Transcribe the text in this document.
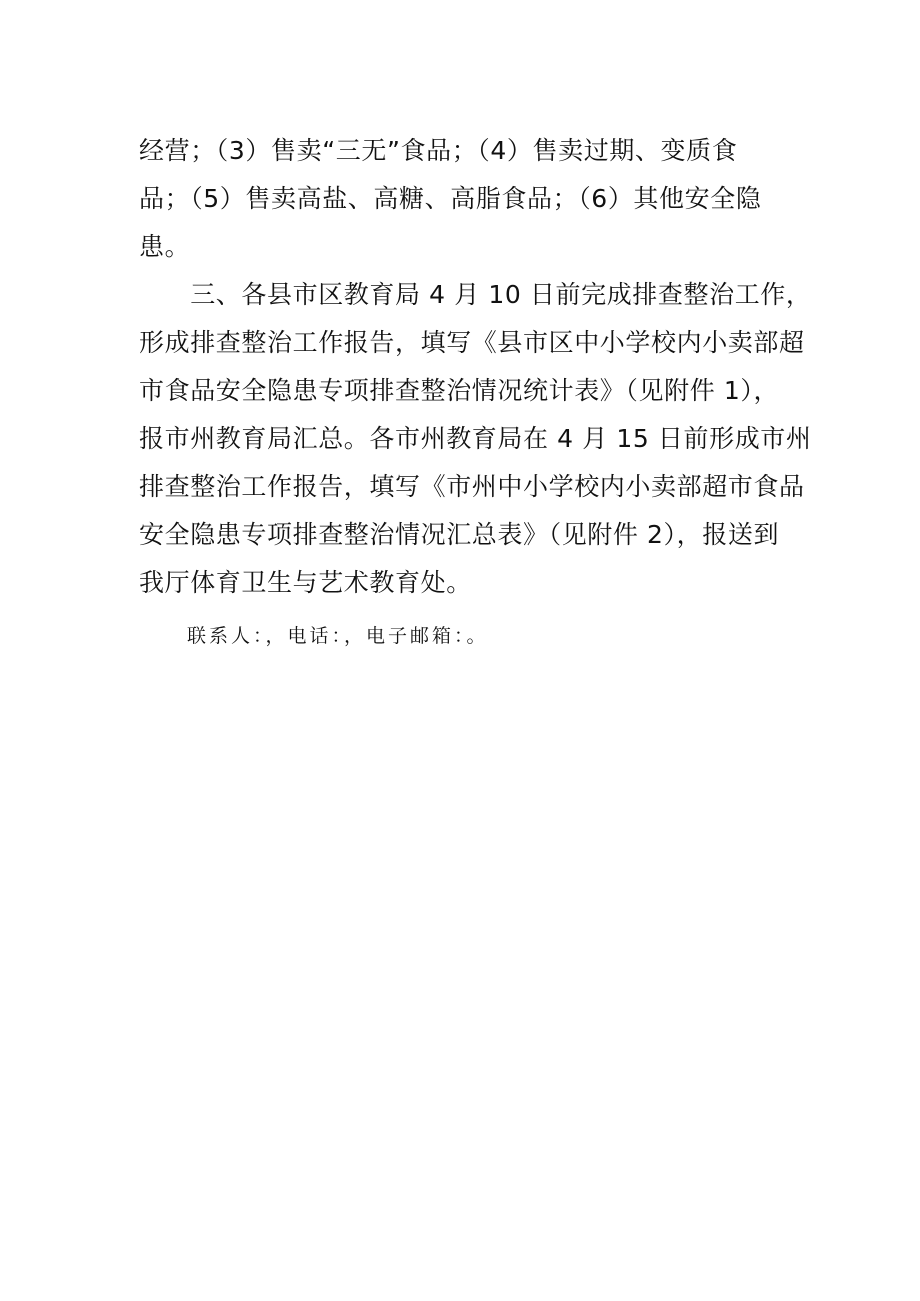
经营；（3）售卖“三无”食品；（4）售卖过期、变质食
品；（5）售卖高盐、高糖、高脂食品；（6）其他安全隐
患。
　　三、各县市区教育局 4 月 10 日前完成排查整治工作，
形成排查整治工作报告，填写《县市区中小学校内小卖部超
市食品安全隐患专项排查整治情况统计表》（见附件 1），
报市州教育局汇总。各市州教育局在 4 月 15 日前形成市州
排查整治工作报告，填写《市州中小学校内小卖部超市食品
安全隐患专项排查整治情况汇总表》（见附件 2），报送到
我厅体育卫生与艺术教育处。
联系人：，电话：，电子邮箱：。
